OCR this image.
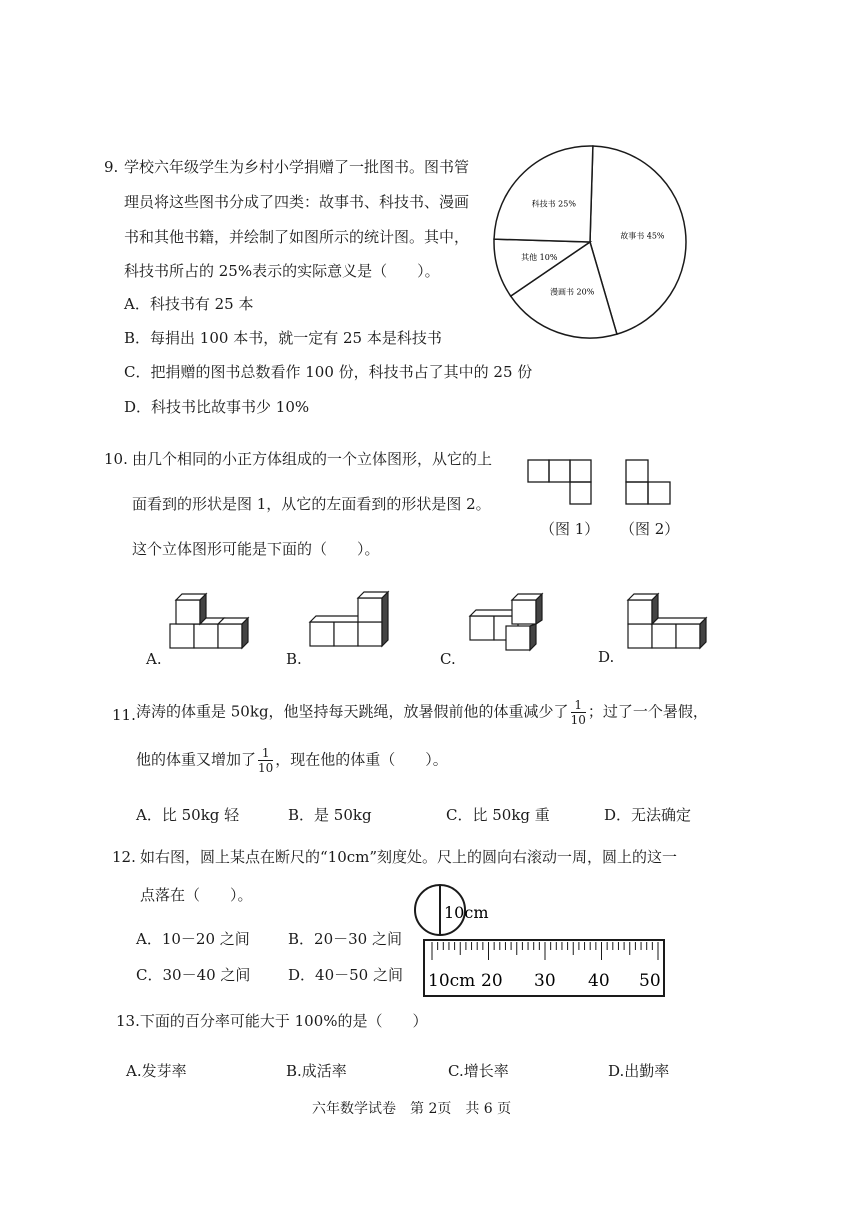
9. 学校六年级学生为乡村小学捐赠了一批图书。图书管
理员将这些图书分成了四类：故事书、科技书、漫画
书和其他书籍，并绘制了如图所示的统计图。其中，
科技书所占的 25%表示的实际意义是（　　）。
A．科技书有 25 本
B．每捐出 100 本书，就一定有 25 本是科技书
C．把捐赠的图书总数看作 100 份，科技书占了其中的 25 份
D．科技书比故事书少 10%
故事书 45%
漫画书 20%
其他 10%
科技书 25%
10. 由几个相同的小正方体组成的一个立体图形，从它的上
面看到的形状是图 1，从它的左面看到的形状是图 2。
这个立体图形可能是下面的（　　）。
（图 1） （图 2）
A.	B.	C.	D.
11. 涛涛的体重是 50kg，他坚持每天跳绳，放暑假前他的体重减少了 $\frac{1}{10}$ ；过了一个暑假，
他的体重又增加了 $\frac{1}{10}$ ，现在他的体重（　　）。
A．比 50kg 轻	B．是 50kg	C．比 50kg 重	D．无法确定
12. 如右图，圆上某点在断尺的“10cm”刻度处。尺上的圆向右滚动一周，圆上的这一
点落在（　　）。
A．10－20 之间	B．20－30 之间
C．30－40 之间	D．40－50 之间
10cm
10cm 20 30 40 50
13.下面的百分率可能大于 100%的是（　　）
A.发芽率	B.成活率	C.增长率	D.出勤率
六年数学试卷　第 2页　共 6 页
